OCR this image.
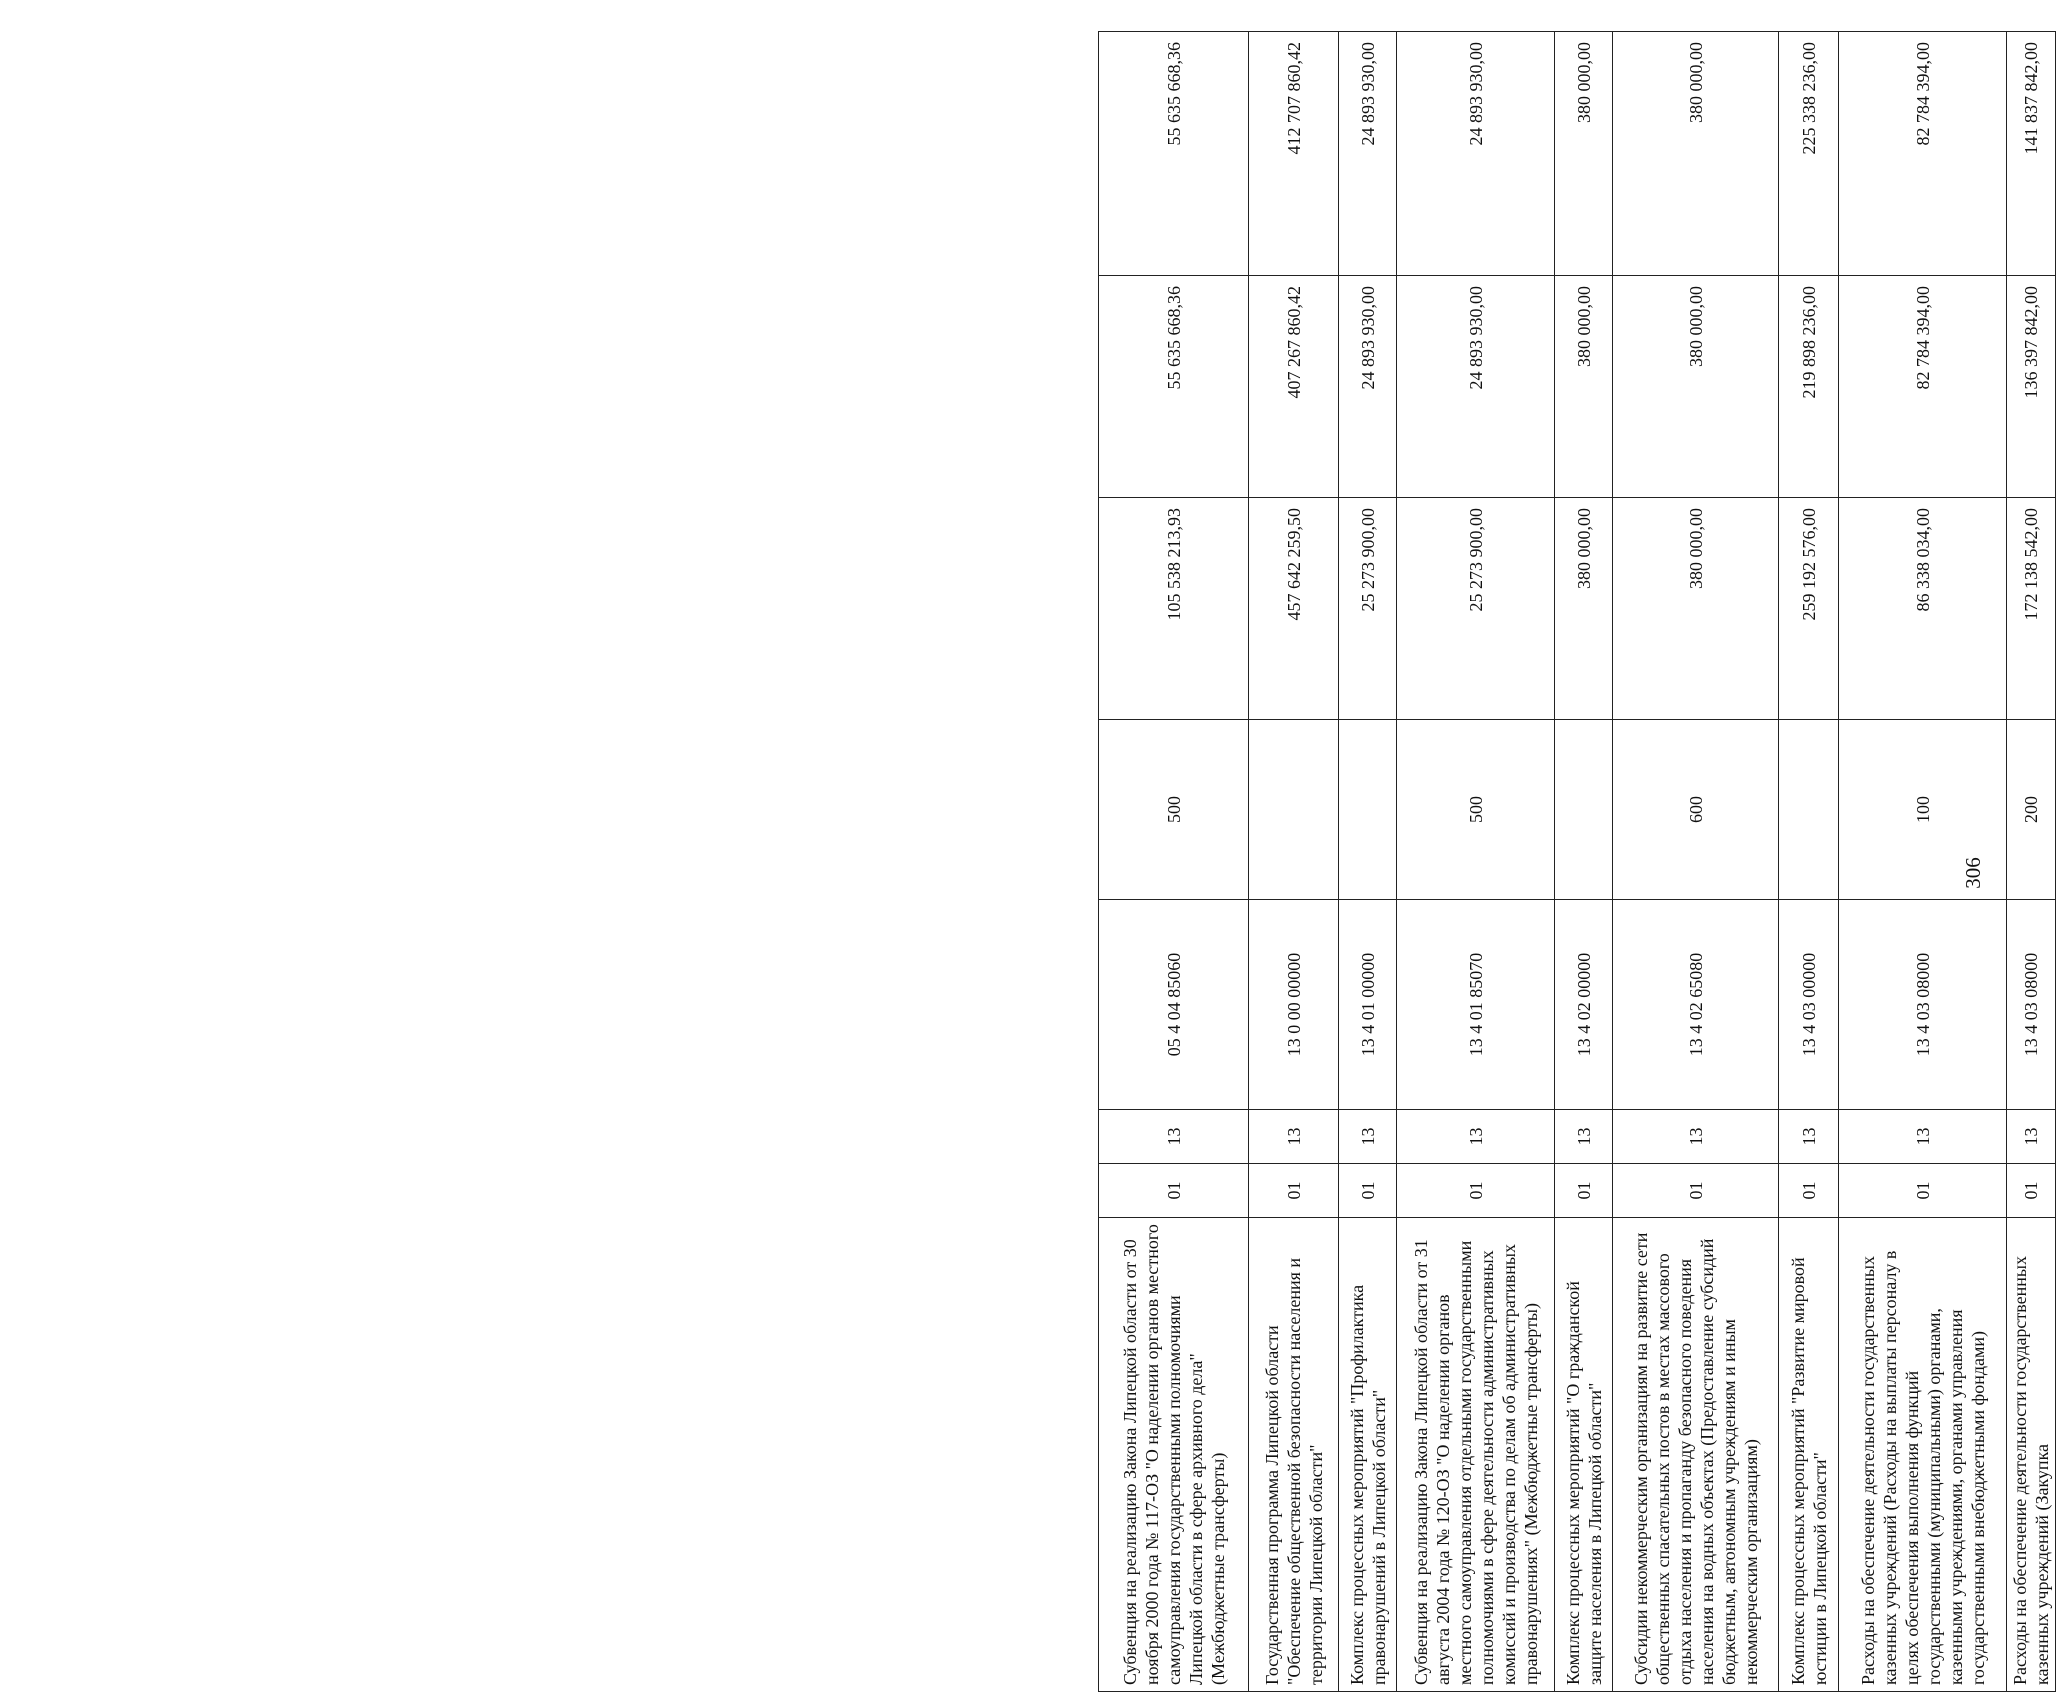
306
Субвенция на реализацию Закона Липецкой области от 30 ноября 2000 года № 117-ОЗ "О наделении органов местного самоуправления государственными полномочиями Липецкой области в сфере архивного дела" (Межбюджетные трансферты)	01	13	05 4 04 85060	500	105 538 213,93	55 635 668,36	55 635 668,36
Государственная программа Липецкой области "Обеспечение общественной безопасности населения и территории Липецкой области"	01	13	13 0 00 00000		457 642 259,50	407 267 860,42	412 707 860,42
Комплекс процессных мероприятий "Профилактика правонарушений в Липецкой области"	01	13	13 4 01 00000		25 273 900,00	24 893 930,00	24 893 930,00
Субвенция на реализацию Закона Липецкой области от 31 августа 2004 года № 120-ОЗ "О наделении органов местного самоуправления отдельными государственными полномочиями в сфере деятельности административных комиссий и производства по делам об административных правонарушениях" (Межбюджетные трансферты)	01	13	13 4 01 85070	500	25 273 900,00	24 893 930,00	24 893 930,00
Комплекс процессных мероприятий "О гражданской защите населения в Липецкой области"	01	13	13 4 02 00000		380 000,00	380 000,00	380 000,00
Субсидии некоммерческим организациям на развитие сети общественных спасательных постов в местах массового отдыха населения и пропаганду безопасного поведения населения на водных объектах (Предоставление субсидий бюджетным, автономным учреждениям и иным некоммерческим организациям)	01	13	13 4 02 65080	600	380 000,00	380 000,00	380 000,00
Комплекс процессных мероприятий "Развитие мировой юстиции в Липецкой области"	01	13	13 4 03 00000		259 192 576,00	219 898 236,00	225 338 236,00
Расходы на обеспечение деятельности государственных казенных учреждений (Расходы на выплаты персоналу в целях обеспечения выполнения функций государственными (муниципальными) органами, казенными учреждениями, органами управления государственными внебюджетными фондами)	01	13	13 4 03 08000	100	86 338 034,00	82 784 394,00	82 784 394,00
Расходы на обеспечение деятельности государственных казенных учреждений (Закупка	01	13	13 4 03 08000	200	172 138 542,00	136 397 842,00	141 837 842,00
